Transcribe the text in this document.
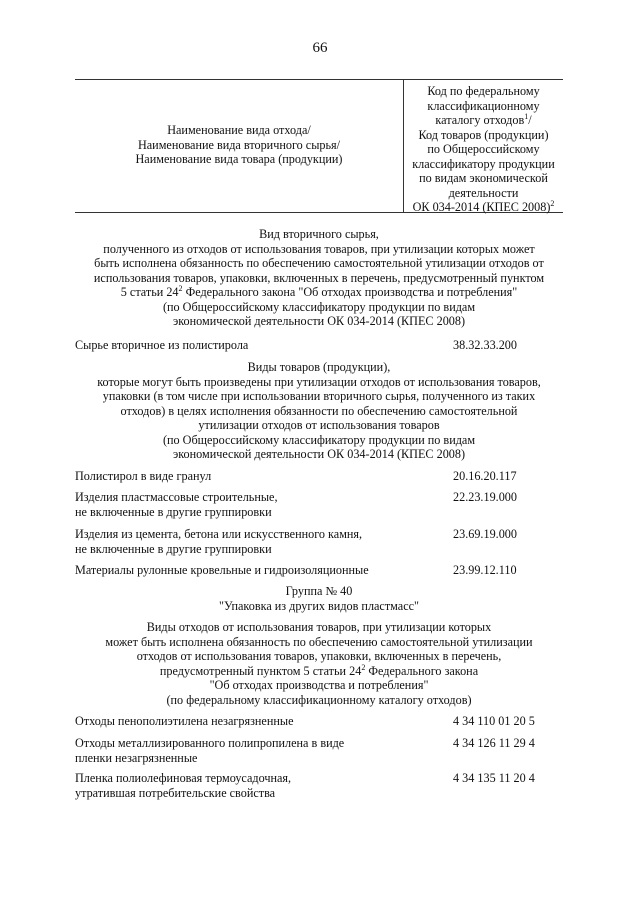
66
Наименование вида отхода/
Наименование вида вторичного сырья/
Наименование вида товара (продукции)
Код по федеральному
классификационному
каталогу отходов$^1$/
Код товаров (продукции)
по Общероссийскому
классификатору продукции
по видам экономической
деятельности
ОК 034-2014 (КПЕС 2008)$^2$
Вид вторичного сырья,
полученного из отходов от использования товаров, при утилизации которых может
быть исполнена обязанность по обеспечению самостоятельной утилизации отходов от
использования товаров, упаковки, включенных в перечень, предусмотренный пунктом
5 статьи $24^2$ Федерального закона "Об отходах производства и потребления"
(по Общероссийскому классификатору продукции по видам
экономической деятельности ОК 034-2014 (КПЕС 2008)
Сырье вторичное из полистирола	38.32.33.200
Виды товаров (продукции),
которые могут быть произведены при утилизации отходов от использования товаров,
упаковки (в том числе при использовании вторичного сырья, полученного из таких
отходов) в целях исполнения обязанности по обеспечению самостоятельной
утилизации отходов от использования товаров
(по Общероссийскому классификатору продукции по видам
экономической деятельности ОК 034-2014 (КПЕС 2008)
Полистирол в виде гранул	20.16.20.117
Изделия пластмассовые строительные,
не включенные в другие группировки
22.23.19.000
Изделия из цемента, бетона или искусственного камня,
не включенные в другие группировки
23.69.19.000
Материалы рулонные кровельные и гидроизоляционные	23.99.12.110
Группа № 40
"Упаковка из других видов пластмасс"
Виды отходов от использования товаров, при утилизации которых
может быть исполнена обязанность по обеспечению самостоятельной утилизации
отходов от использования товаров, упаковки, включенных в перечень,
предусмотренный пунктом 5 статьи $24^2$ Федерального закона
"Об отходах производства и потребления"
(по федеральному классификационному каталогу отходов)
Отходы пенополиэтилена незагрязненные	4 34 110 01 20 5
Отходы металлизированного полипропилена в виде
пленки незагрязненные
4 34 126 11 29 4
Пленка полиолефиновая термоусадочная,
утратившая потребительские свойства
4 34 135 11 20 4
